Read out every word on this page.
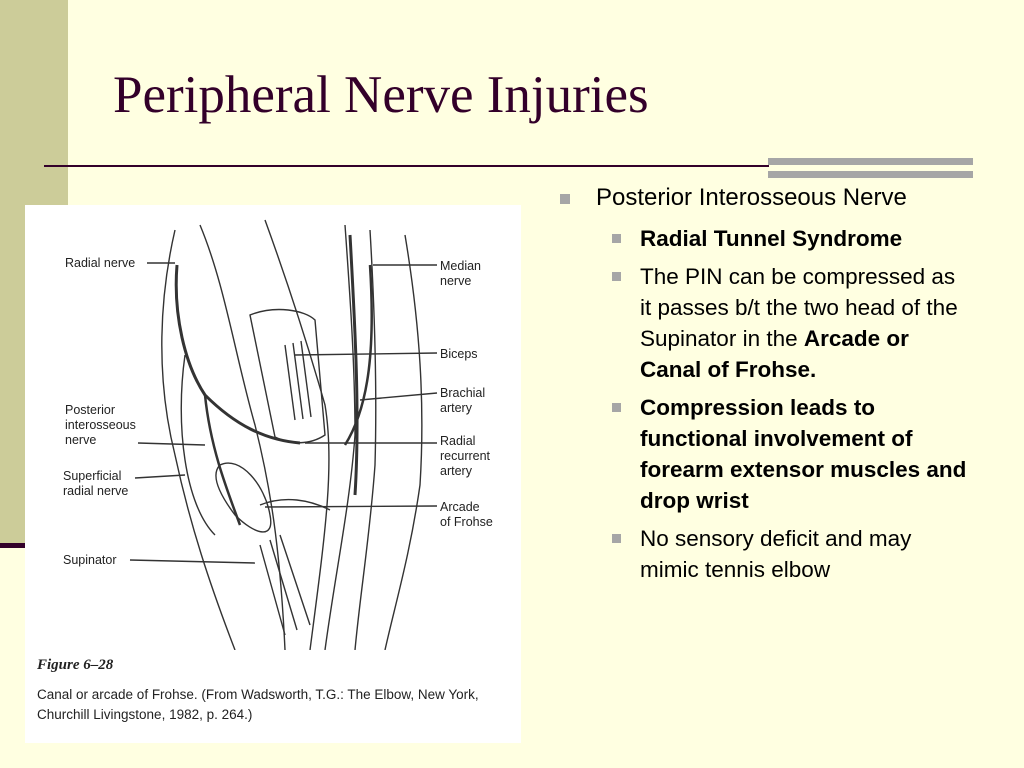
Peripheral Nerve Injuries
Radial nerve	Median
nerve
Biceps
Brachial
artery
Posterior
interosseous
nerve	Radial
recurrent
artery
Superficial
radial nerve
Arcade
of Frohse
Supinator
Figure 6–28
Canal or arcade of Frohse. (From Wadsworth, T.G.: The Elbow, New York, Churchill Livingstone, 1982, p. 264.)
Posterior Interosseous Nerve
Radial Tunnel Syndrome
The PIN can be compressed as it passes b/t the two head of the Supinator in the Arcade or Canal of Frohse.
Compression leads to functional involvement of forearm extensor muscles and drop wrist
No sensory deficit and may mimic tennis elbow
